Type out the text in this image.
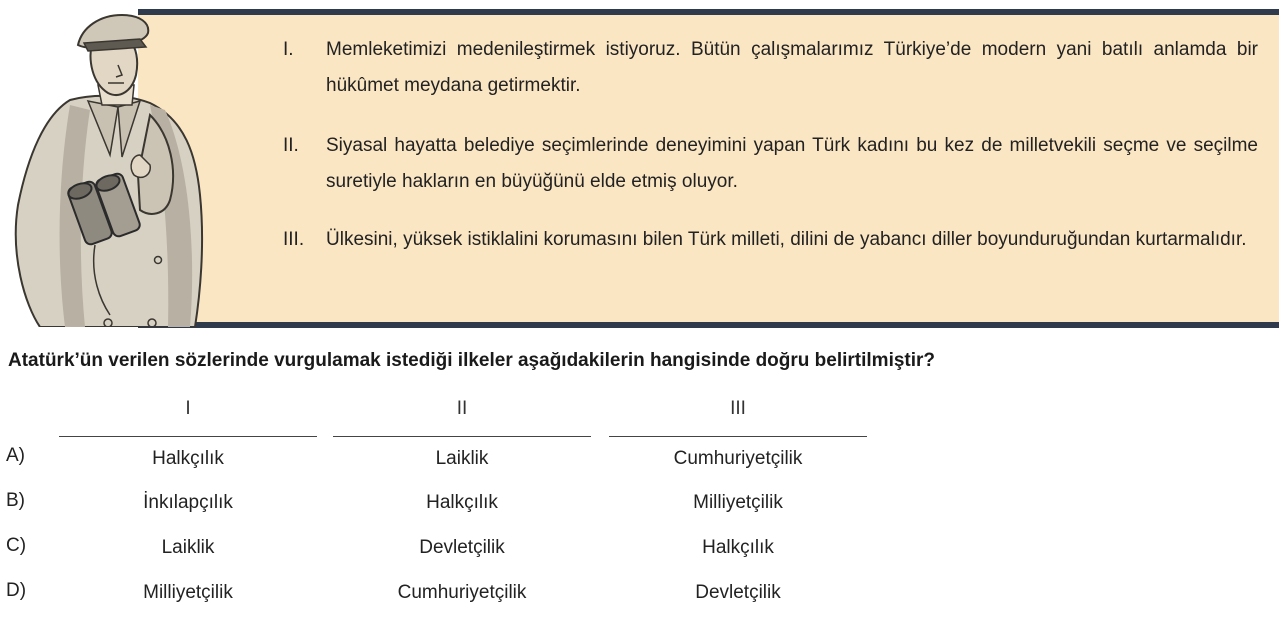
I. Memleketimizi medenileştirmek istiyoruz. Bütün çalışmalarımız Türkiye’de modern yani batılı anlamda bir hükûmet meydana getirmektir.
II. Siyasal hayatta belediye seçimlerinde deneyimini yapan Türk kadını bu kez de milletvekili seçme ve seçilme suretiyle hakların en büyüğünü elde etmiş oluyor.
III. Ülkesini, yüksek istiklalini korumasını bilen Türk milleti, dilini de yabancı diller boyunduruğundan kurtarmalıdır.
Atatürk’ün verilen sözlerinde vurgulamak istediği ilkeler aşağıdakilerin hangisinde doğru belirtilmiştir?
I	II	III
A)	Halkçılık	Laiklik	Cumhuriyetçilik
B)	İnkılapçılık	Halkçılık	Milliyetçilik
C)	Laiklik	Devletçilik	Halkçılık
D)	Milliyetçilik	Cumhuriyetçilik	Devletçilik
